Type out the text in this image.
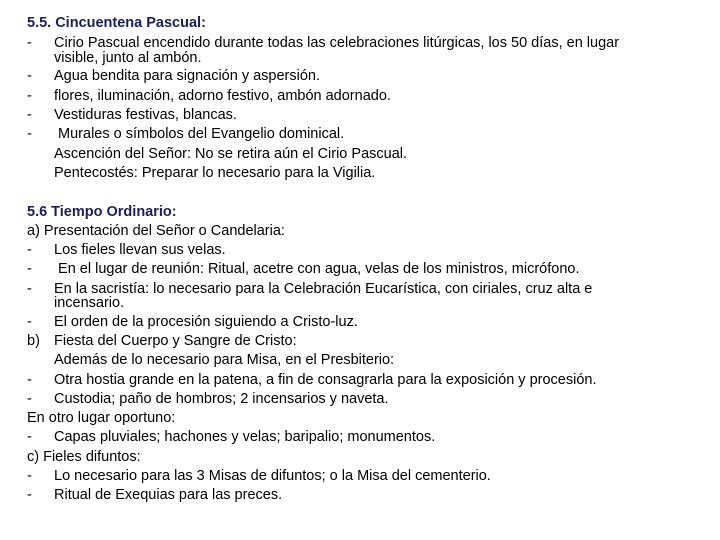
5.5. Cincuentena Pascual:
- Cirio Pascual encendido durante todas las celebraciones litúrgicas, los 50 días, en lugar
visible, junto al ambón.
- Agua bendita para signación y aspersión.
- flores, iluminación, adorno festivo, ambón adornado.
- Vestiduras festivas, blancas.
- Murales o símbolos del Evangelio dominical.
Ascención del Señor: No se retira aún el Cirio Pascual.
Pentecostés: Preparar lo necesario para la Vigilia.
5.6 Tiempo Ordinario:
a) Presentación del Señor o Candelaria:
- Los fieles llevan sus velas.
- En el lugar de reunión: Ritual, acetre con agua, velas de los ministros, micrófono.
- En la sacristía: lo necesario para la Celebración Eucarística, con ciriales, cruz alta e
incensario.
- El orden de la procesión siguiendo a Cristo-luz.
b) Fiesta del Cuerpo y Sangre de Cristo:
Además de lo necesario para Misa, en el Presbiterio:
- Otra hostia grande en la patena, a fin de consagrarla para la exposición y procesión.
- Custodia; paño de hombros; 2 incensarios y naveta.
En otro lugar oportuno:
- Capas pluviales; hachones y velas; baripalio; monumentos.
c) Fieles difuntos:
- Lo necesario para las 3 Misas de difuntos; o la Misa del cementerio.
- Ritual de Exequias para las preces.
